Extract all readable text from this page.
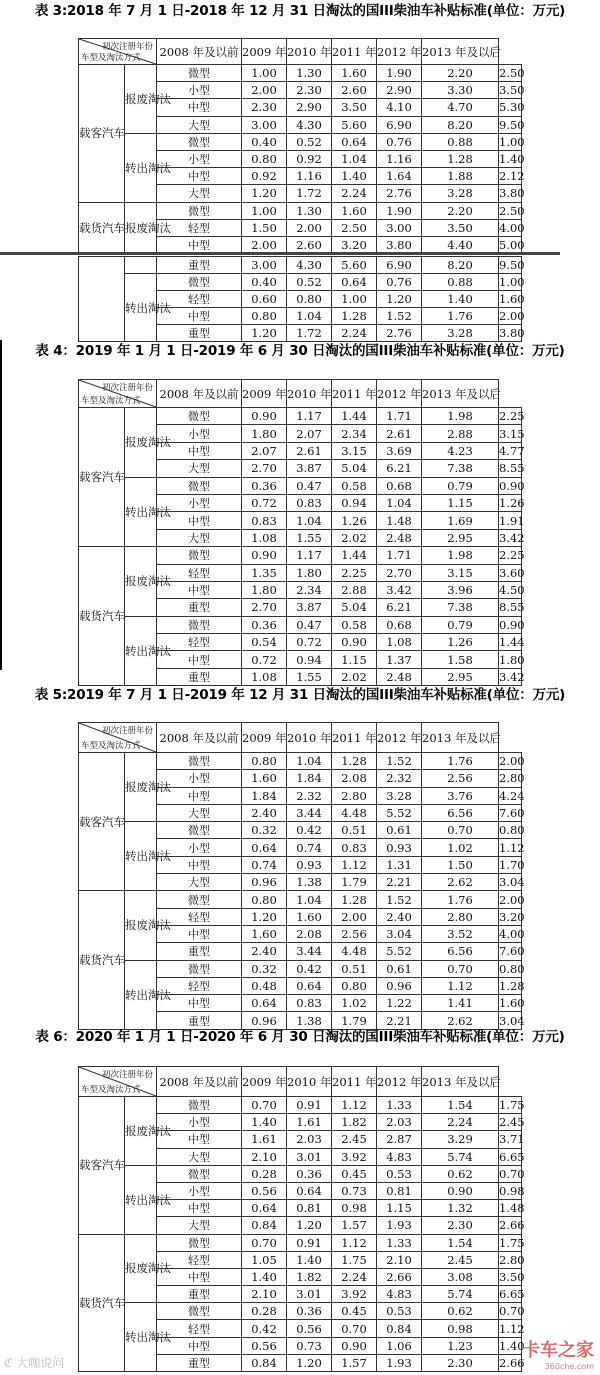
表 3:2018 年 7 月 1 日-2018 年 12 月 31 日淘汰的国III柴油车补贴标准(单位：万元)
初次注册年份
车型及淘汰方式		2008 年及以前	2009 年	2010 年	2011 年	2012 年	2013 年及以后	
载客汽车	报废淘汰	微型	1.00	1.30	1.60	1.90	2.20	2.50
		小型	2.00	2.30	2.60	2.90	3.30	3.50
		中型	2.30	2.90	3.50	4.10	4.70	5.30
		大型	3.00	4.30	5.60	6.90	8.20	9.50
	转出淘汰	微型	0.40	0.52	0.64	0.76	0.88	1.00
		小型	0.80	0.92	1.04	1.16	1.28	1.40
		中型	0.92	1.16	1.40	1.64	1.88	2.12
		大型	1.20	1.72	2.24	2.76	3.28	3.80
载货汽车	报废淘汰	微型	1.00	1.30	1.60	1.90	2.20	2.50
		轻型	1.50	2.00	2.50	3.00	3.50	4.00
		中型	2.00	2.60	3.20	3.80	4.40	5.00
		重型	3.00	4.30	5.60	6.90	8.20	9.50
	转出淘汰	微型	0.40	0.52	0.64	0.76	0.88	1.00
		轻型	0.60	0.80	1.00	1.20	1.40	1.60
		中型	0.80	1.04	1.28	1.52	1.76	2.00
		重型	1.20	1.72	2.24	2.76	3.28	3.80
表 4：2019 年 1 月 1 日-2019 年 6 月 30 日淘汰的国III柴油车补贴标准(单位：万元)
初次注册年份
车型及淘汰方式		2008 年及以前	2009 年	2010 年	2011 年	2012 年	2013 年及以后	
载客汽车	报废淘汰	微型	0.90	1.17	1.44	1.71	1.98	2.25
		小型	1.80	2.07	2.34	2.61	2.88	3.15
		中型	2.07	2.61	3.15	3.69	4.23	4.77
		大型	2.70	3.87	5.04	6.21	7.38	8.55
	转出淘汰	微型	0.36	0.47	0.58	0.68	0.79	0.90
		小型	0.72	0.83	0.94	1.04	1.15	1.26
		中型	0.83	1.04	1.26	1.48	1.69	1.91
		大型	1.08	1.55	2.02	2.48	2.95	3.42
载货汽车	报废淘汰	微型	0.90	1.17	1.44	1.71	1.98	2.25
		轻型	1.35	1.80	2.25	2.70	3.15	3.60
		中型	1.80	2.34	2.88	3.42	3.96	4.50
		重型	2.70	3.87	5.04	6.21	7.38	8.55
	转出淘汰	微型	0.36	0.47	0.58	0.68	0.79	0.90
		轻型	0.54	0.72	0.90	1.08	1.26	1.44
		中型	0.72	0.94	1.15	1.37	1.58	1.80
		重型	1.08	1.55	2.02	2.48	2.95	3.42
表 5:2019 年 7 月 1 日-2019 年 12 月 31 日淘汰的国III柴油车补贴标准(单位：万元)
初次注册年份
车型及淘汰方式		2008 年及以前	2009 年	2010 年	2011 年	2012 年	2013 年及以后	
载客汽车	报废淘汰	微型	0.80	1.04	1.28	1.52	1.76	2.00
		小型	1.60	1.84	2.08	2.32	2.56	2.80
		中型	1.84	2.32	2.80	3.28	3.76	4.24
		大型	2.40	3.44	4.48	5.52	6.56	7.60
	转出淘汰	微型	0.32	0.42	0.51	0.61	0.70	0.80
		小型	0.64	0.74	0.83	0.93	1.02	1.12
		中型	0.74	0.93	1.12	1.31	1.50	1.70
		大型	0.96	1.38	1.79	2.21	2.62	3.04
载货汽车	报废淘汰	微型	0.80	1.04	1.28	1.52	1.76	2.00
		轻型	1.20	1.60	2.00	2.40	2.80	3.20
		中型	1.60	2.08	2.56	3.04	3.52	4.00
		重型	2.40	3.44	4.48	5.52	6.56	7.60
	转出淘汰	微型	0.32	0.42	0.51	0.61	0.70	0.80
		轻型	0.48	0.64	0.80	0.96	1.12	1.28
		中型	0.64	0.83	1.02	1.22	1.41	1.60
		重型	0.96	1.38	1.79	2.21	2.62	3.04
表 6：2020 年 1 月 1 日-2020 年 6 月 30 日淘汰的国III柴油车补贴标准(单位：万元)
初次注册年份
车型及淘汰方式		2008 年及以前	2009 年	2010 年	2011 年	2012 年	2013 年及以后	
载客汽车	报废淘汰	微型	0.70	0.91	1.12	1.33	1.54	1.75
		小型	1.40	1.61	1.82	2.03	2.24	2.45
		中型	1.61	2.03	2.45	2.87	3.29	3.71
		大型	2.10	3.01	3.92	4.83	5.74	6.65
	转出淘汰	微型	0.28	0.36	0.45	0.53	0.62	0.70
		小型	0.56	0.64	0.73	0.81	0.90	0.98
		中型	0.64	0.81	0.98	1.15	1.32	1.48
		大型	0.84	1.20	1.57	1.93	2.30	2.66
载货汽车	报废淘汰	微型	0.70	0.91	1.12	1.33	1.54	1.75
		轻型	1.05	1.40	1.75	2.10	2.45	2.80
		中型	1.40	1.82	2.24	2.66	3.08	3.50
		重型	2.10	3.01	3.92	4.83	5.74	6.65
	转出淘汰	微型	0.28	0.36	0.45	0.53	0.62	0.70
		轻型	0.42	0.56	0.70	0.84	0.98	1.12
		中型	0.56	0.73	0.90	1.06	1.23	1.40
		重型	0.84	1.20	1.57	1.93	2.30	2.66
ℭ 大咖说问
卡车之家
360che.com
